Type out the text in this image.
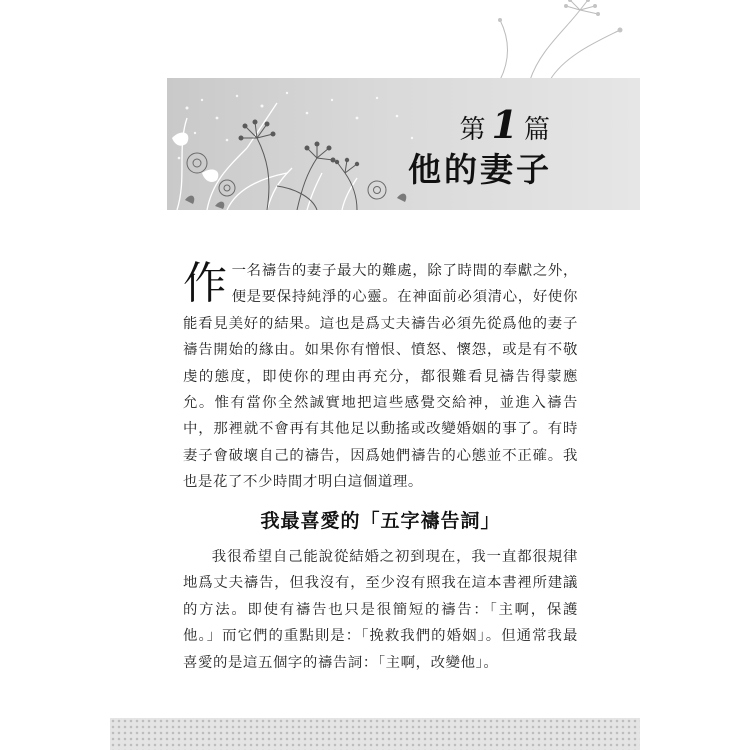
第 1 篇
他的妻子
作 一名禱告的妻子最大的難處，除了時間的奉獻之外，便是要保持純淨的心靈。在神面前必須清心，好使你能看見美好的結果。這也是爲丈夫禱告必須先從爲他的妻子禱告開始的緣由。如果你有憎恨、憤怒、懷怨，或是有不敬虔的態度，即使你的理由再充分，都很難看見禱告得蒙應允。惟有當你全然誠實地把這些感覺交給神，並進入禱告中，那裡就不會再有其他足以動搖或改變婚姻的事了。有時妻子會破壞自己的禱告，因爲她們禱告的心態並不正確。我也是花了不少時間才明白這個道理。
我最喜愛的「五字禱告詞」
我很希望自己能說從結婚之初到現在，我一直都很規律地爲丈夫禱告，但我沒有，至少沒有照我在這本書裡所建議的方法。即使有禱告也只是很簡短的禱告：「主啊，保護他。」而它們的重點則是：「挽救我們的婚姻」。但通常我最喜愛的是這五個字的禱告詞：「主啊，改變他」。
